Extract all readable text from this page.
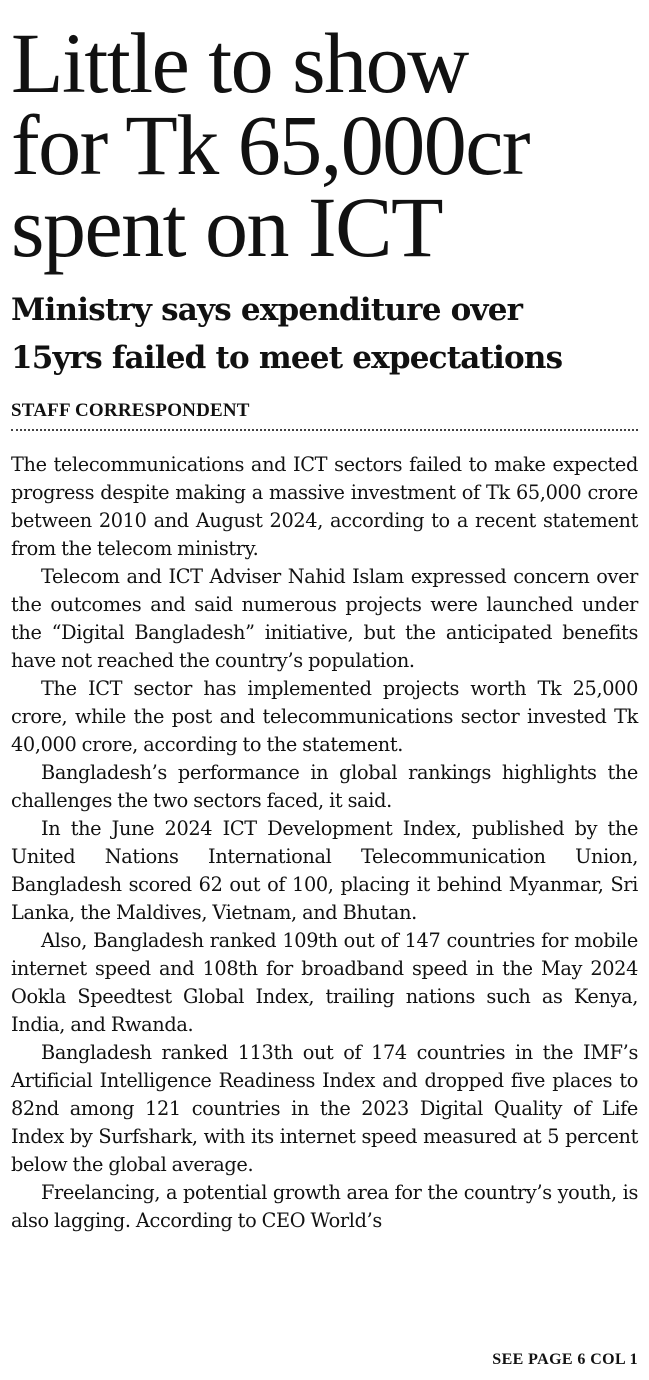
Little to show
for Tk 65,000cr
spent on ICT
Ministry says expenditure over
15yrs failed to meet expectations
STAFF CORRESPONDENT

The telecommunications and ICT sectors failed to make expected progress despite making a massive investment of Tk 65,000 crore between 2010 and August 2024, according to a recent statement from the telecom ministry.

Telecom and ICT Adviser Nahid Islam expressed concern over the outcomes and said numerous projects were launched under the “Digital Bangladesh” initiative, but the anticipated benefits have not reached the country’s population.

The ICT sector has implemented projects worth Tk 25,000 crore, while the post and telecommunications sector invested Tk 40,000 crore, according to the statement.

Bangladesh’s performance in global rankings highlights the challenges the two sectors faced, it said.

In the June 2024 ICT Development Index, published by the United Nations International Telecommunication Union, Bangladesh scored 62 out of 100, placing it behind Myanmar, Sri Lanka, the Maldives, Vietnam, and Bhutan.

Also, Bangladesh ranked 109th out of 147 countries for mobile internet speed and 108th for broadband speed in the May 2024 Ookla Speedtest Global Index, trailing nations such as Kenya, India, and Rwanda.

Bangladesh ranked 113th out of 174 countries in the IMF’s Artificial Intelligence Readiness Index and dropped five places to 82nd among 121 countries in the 2023 Digital Quality of Life Index by Surfshark, with its internet speed measured at 5 percent below the global average.

Freelancing, a potential growth area for the country’s youth, is also lagging. According to CEO World’s

SEE PAGE 6 COL 1
